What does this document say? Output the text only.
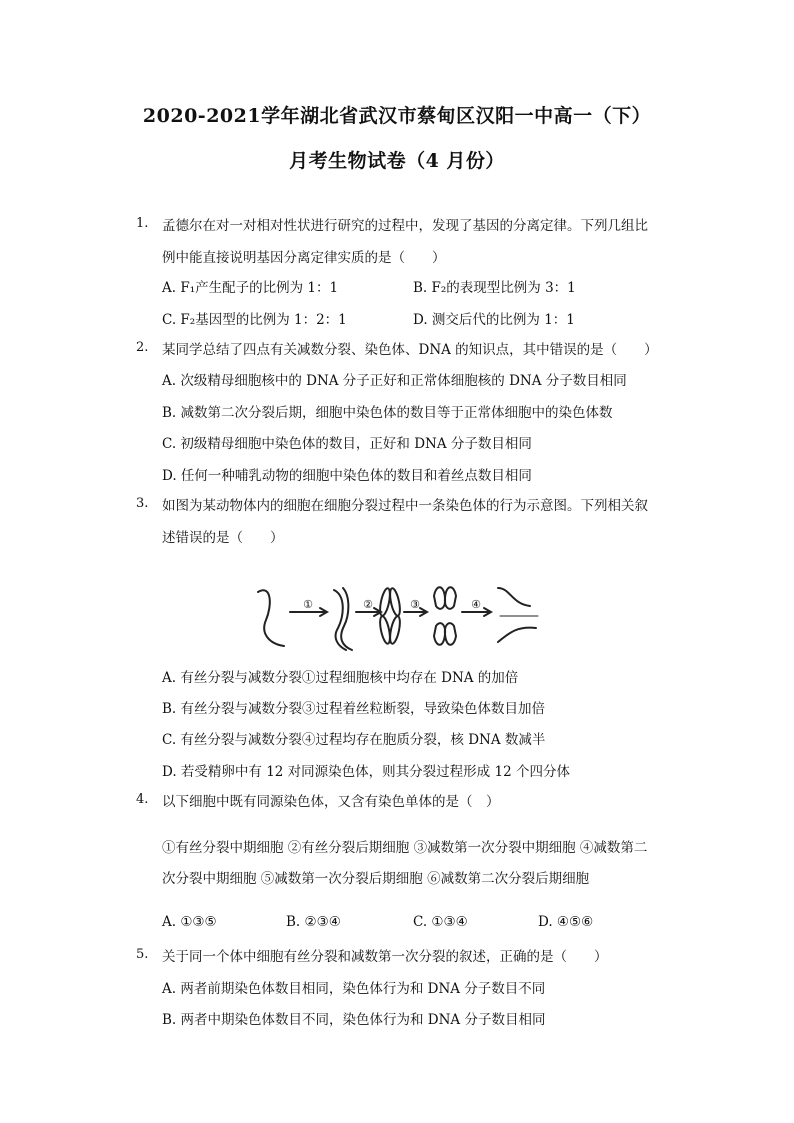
2020-2021学年湖北省武汉市蔡甸区汉阳一中高一（下）
月考生物试卷（4 月份）
1. 孟德尔在对一对相对性状进行研究的过程中，发现了基因的分离定律。下列几组比
例中能直接说明基因分离定律实质的是（　　）
A. F₁产生配子的比例为 1：1	B. F₂的表现型比例为 3：1
C. F₂基因型的比例为 1：2：1	D. 测交后代的比例为 1：1
2. 某同学总结了四点有关减数分裂、染色体、DNA 的知识点，其中错误的是（　　）
A. 次级精母细胞核中的 DNA 分子正好和正常体细胞核的 DNA 分子数目相同
B. 减数第二次分裂后期，细胞中染色体的数目等于正常体细胞中的染色体数
C. 初级精母细胞中染色体的数目，正好和 DNA 分子数目相同
D. 任何一种哺乳动物的细胞中染色体的数目和着丝点数目相同
3. 如图为某动物体内的细胞在细胞分裂过程中一条染色体的行为示意图。下列相关叙
述错误的是（　　）
①	②	③	④
A. 有丝分裂与减数分裂①过程细胞核中均存在 DNA 的加倍
B. 有丝分裂与减数分裂③过程着丝粒断裂，导致染色体数目加倍
C. 有丝分裂与减数分裂④过程均存在胞质分裂，核 DNA 数减半
D. 若受精卵中有 12 对同源染色体，则其分裂过程形成 12 个四分体
4. 以下细胞中既有同源染色体，又含有染色单体的是（　）
①有丝分裂中期细胞 ②有丝分裂后期细胞 ③减数第一次分裂中期细胞 ④减数第二
次分裂中期细胞 ⑤减数第一次分裂后期细胞 ⑥减数第二次分裂后期细胞
A. ①③⑤	B. ②③④	C. ①③④	D. ④⑤⑥
5. 关于同一个体中细胞有丝分裂和减数第一次分裂的叙述，正确的是（　　）
A. 两者前期染色体数目相同，染色体行为和 DNA 分子数目不同
B. 两者中期染色体数目不同，染色体行为和 DNA 分子数目相同
